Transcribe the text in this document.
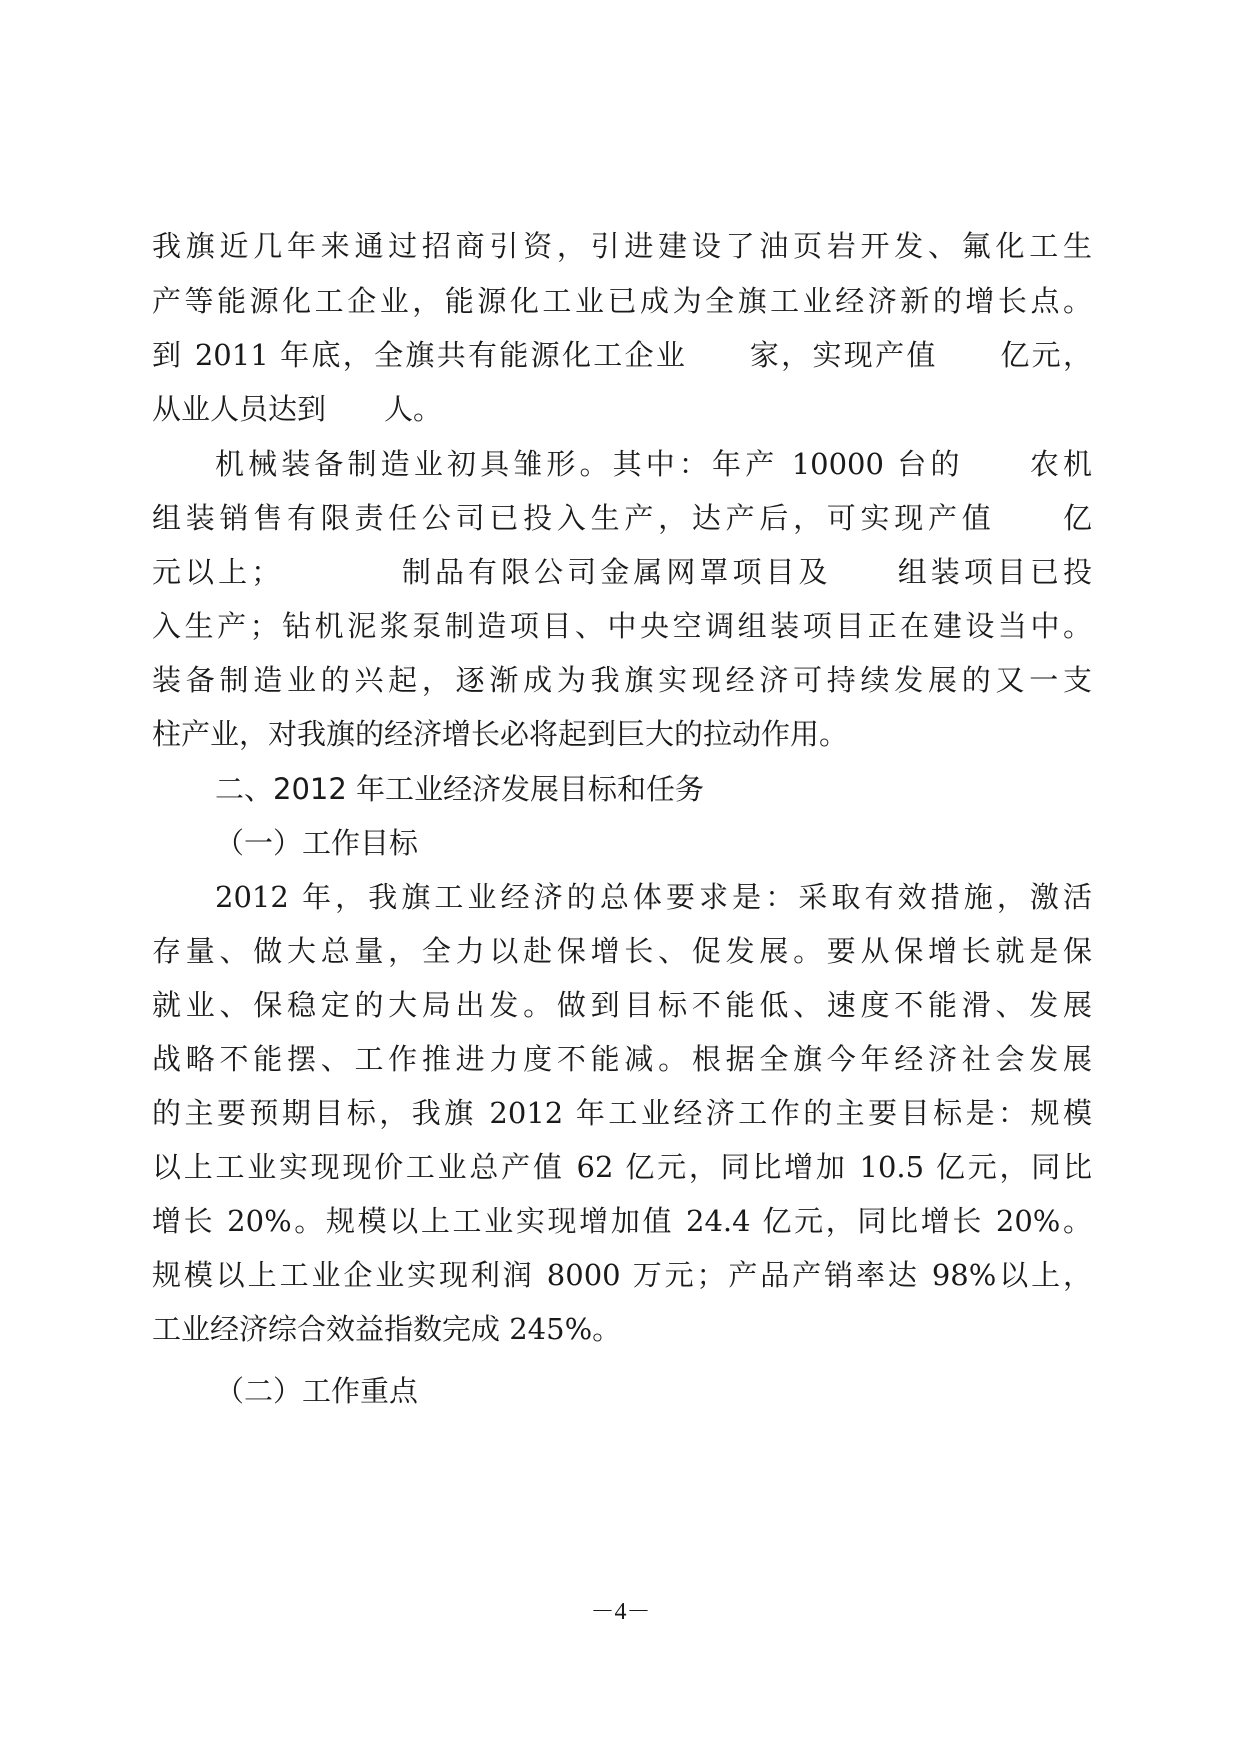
我旗近几年来通过招商引资，引进建设了油页岩开发、氟化工生
产等能源化工企业，能源化工业已成为全旗工业经济新的增长点。
到 2011 年底，全旗共有能源化工企业　　家，实现产值　　亿元，
从业人员达到　　人。
机械装备制造业初具雏形。其中：年产 10000 台的　　农机
组装销售有限责任公司已投入生产，达产后，可实现产值　　亿
元以上；　　　　制品有限公司金属网罩项目及　　组装项目已投
入生产；钻机泥浆泵制造项目、中央空调组装项目正在建设当中。
装备制造业的兴起，逐渐成为我旗实现经济可持续发展的又一支
柱产业，对我旗的经济增长必将起到巨大的拉动作用。
二、2012 年工业经济发展目标和任务
（一）工作目标
2012 年，我旗工业经济的总体要求是：采取有效措施，激活
存量、做大总量，全力以赴保增长、促发展。要从保增长就是保
就业、保稳定的大局出发。做到目标不能低、速度不能滑、发展
战略不能摆、工作推进力度不能减。根据全旗今年经济社会发展
的主要预期目标，我旗 2012 年工业经济工作的主要目标是：规模
以上工业实现现价工业总产值 62 亿元，同比增加 10.5 亿元，同比
增长 20%。规模以上工业实现增加值 24.4 亿元，同比增长 20%。
规模以上工业企业实现利润 8000 万元；产品产销率达 98%以上，
工业经济综合效益指数完成 245%。
（二）工作重点
－4－
